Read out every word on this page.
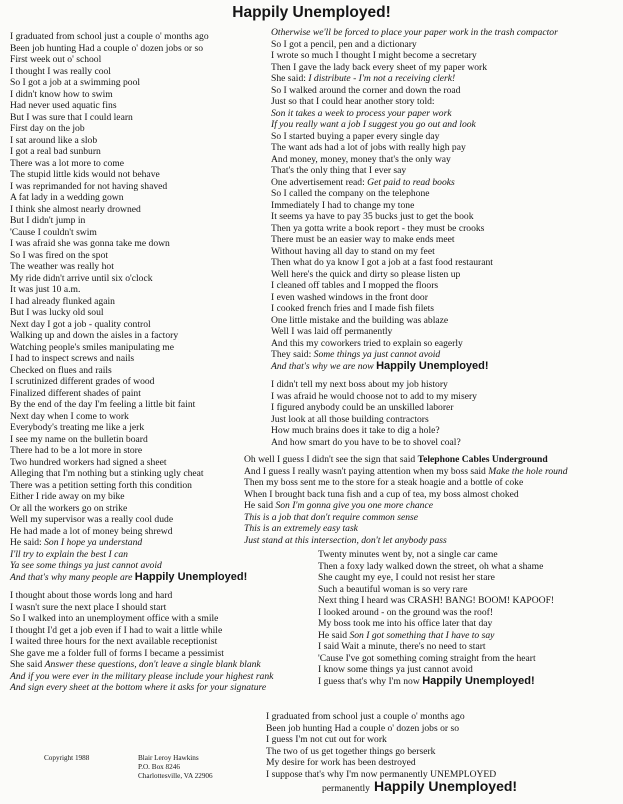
Happily Unemployed!
I graduated from school just a couple o' months ago
Been job hunting Had a couple o' dozen jobs or so
First week out o' school
I thought I was really cool
So I got a job at a swimming pool
I didn't know how to swim
Had never used aquatic fins
But I was sure that I could learn
First day on the job
I sat around like a slob
I got a real bad sunburn
There was a lot more to come
The stupid little kids would not behave
I was reprimanded for not having shaved
A fat lady in a wedding gown
I think she almost nearly drowned
But I didn't jump in
'Cause I couldn't swim
I was afraid she was gonna take me down
So I was fired on the spot
The weather was really hot
My ride didn't arrive until six o'clock
It was just 10 a.m.
I had already flunked again
But I was lucky old soul
Next day I got a job - quality control
Walking up and down the aisles in a factory
Watching people's smiles manipulating me
I had to inspect screws and nails
Checked on flues and rails
I scrutinized different grades of wood
Finalized different shades of paint
By the end of the day I'm feeling a little bit faint
Next day when I come to work
Everybody's treating me like a jerk
I see my name on the bulletin board
There had to be a lot more in store
Two hundred workers had signed a sheet
Alleging that I'm nothing but a stinking ugly cheat
There was a petition setting forth this condition
Either I ride away on my bike
Or all the workers go on strike
Well my supervisor was a really cool dude
He had made a lot of money being shrewd
He said: Son I hope ya understand
I'll try to explain the best I can
Ya see some things ya just cannot avoid
And that's why many people are Happily Unemployed!
I thought about those words long and hard
I wasn't sure the next place I should start
So I walked into an unemployment office with a smile
I thought I'd get a job even if I had to wait a little while
I waited three hours for the next available receptionist
She gave me a folder full of forms I became a pessimist
She said Answer these questions, don't leave a single blank blank
And if you were ever in the military please include your highest rank
And sign every sheet at the bottom where it asks for your signature
Otherwise we'll be forced to place your paper work in the trash compactor
So I got a pencil, pen and a dictionary
I wrote so much I thought I might become a secretary
Then I gave the lady back every sheet of my paper work
She said: I distribute - I'm not a receiving clerk!
So I walked around the corner and down the road
Just so that I could hear another story told:
Son it takes a week to process your paper work
If you really want a job I suggest you go out and look
So I started buying a paper every single day
The want ads had a lot of jobs with really high pay
And money, money, money that's the only way
That's the only thing that I ever say
One advertisement read: Get paid to read books
So I called the company on the telephone
Immediately I had to change my tone
It seems ya have to pay 35 bucks just to get the book
Then ya gotta write a book report - they must be crooks
There must be an easier way to make ends meet
Without having all day to stand on my feet
Then what do ya know I got a job at a fast food restaurant
Well here's the quick and dirty so please listen up
I cleaned off tables and I mopped the floors
I even washed windows in the front door
I cooked french fries and I made fish filets
One little mistake and the building was ablaze
Well I was laid off permanently
And this my coworkers tried to explain so eagerly
They said: Some things ya just cannot avoid
And that's why we are now Happily Unemployed!
I didn't tell my next boss about my job history
I was afraid he would choose not to add to my misery
I figured anybody could be an unskilled laborer
Just look at all those building contractors
How much brains does it take to dig a hole?
And how smart do you have to be to shovel coal?
Oh well I guess I didn't see the sign that said Telephone Cables Underground
And I guess I really wasn't paying attention when my boss said Make the hole round
Then my boss sent me to the store for a steak hoagie and a bottle of coke
When I brought back tuna fish and a cup of tea, my boss almost choked
He said Son I'm gonna give you one more chance
This is a job that don't require common sense
This is an extremely easy task
Just stand at this intersection, don't let anybody pass
Twenty minutes went by, not a single car came
Then a foxy lady walked down the street, oh what a shame
She caught my eye, I could not resist her stare
Such a beautiful woman is so very rare
Next thing I heard was CRASH! BANG! BOOM! KAPOOF!
I looked around - on the ground was the roof!
My boss took me into his office later that day
He said Son I got something that I have to say
I said Wait a minute, there's no need to start
'Cause I've got something coming straight from the heart
I know some things ya just cannot avoid
I guess that's why I'm now Happily Unemployed!
I graduated from school just a couple o' months ago
Been job hunting Had a couple o' dozen jobs or so
I guess I'm not cut out for work
The two of us get together things go berserk
My desire for work has been destroyed
I suppose that's why I'm now permanently UNEMPLOYED
Copyright 1988	Blair Leroy Hawkins
P.O. Box 8246
Charlottesville, VA 22906
permanently Happily Unemployed!
